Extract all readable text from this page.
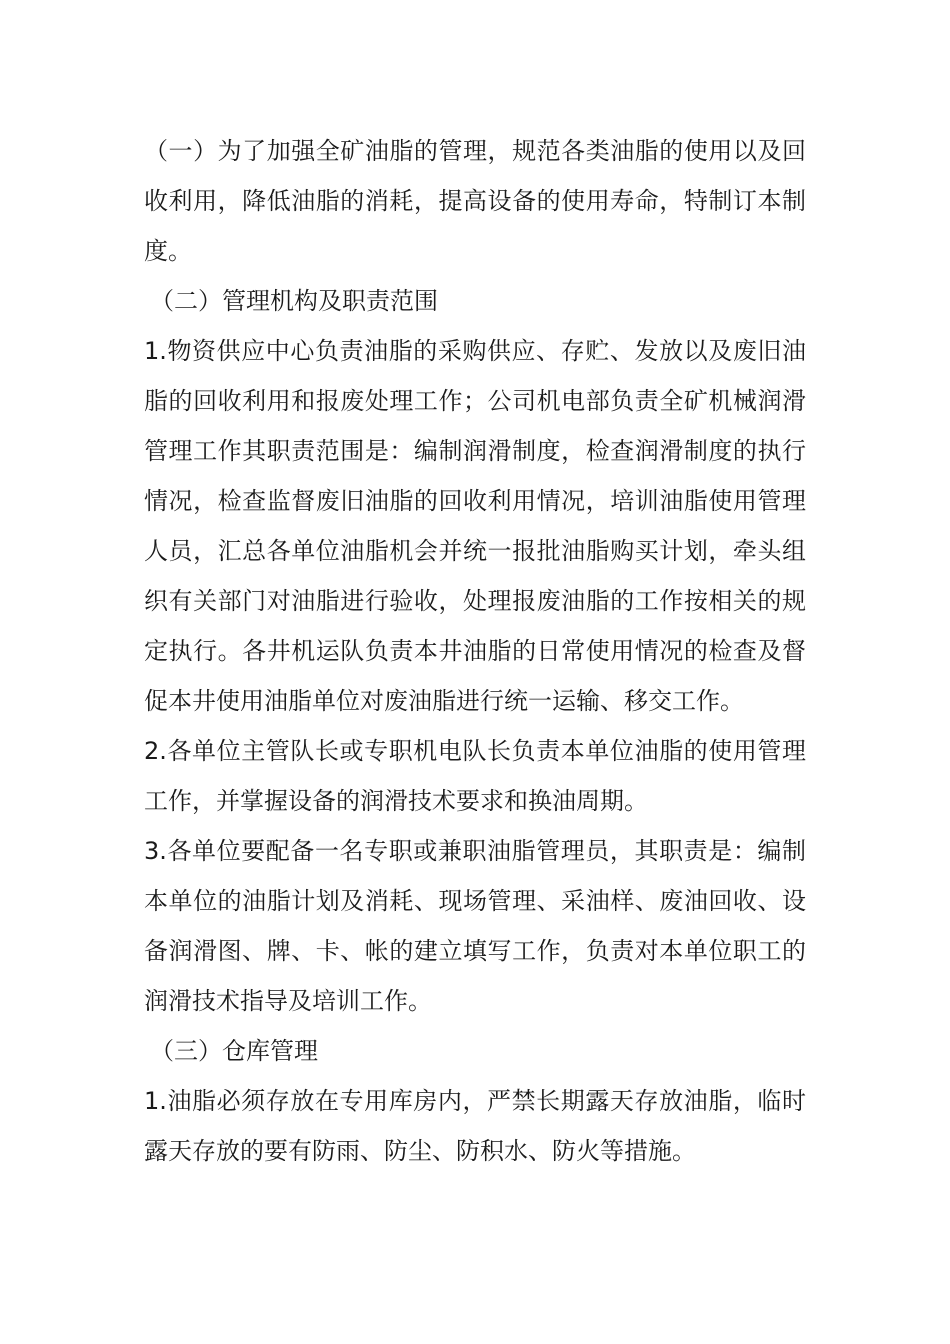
（一）为了加强全矿油脂的管理，规范各类油脂的使用以及回收利用，降低油脂的消耗，提高设备的使用寿命，特制订本制度。

（二）管理机构及职责范围

1.物资供应中心负责油脂的采购供应、存贮、发放以及废旧油脂的回收利用和报废处理工作；公司机电部负责全矿机械润滑管理工作其职责范围是：编制润滑制度，检查润滑制度的执行情况，检查监督废旧油脂的回收利用情况，培训油脂使用管理人员，汇总各单位油脂机会并统一报批油脂购买计划，牵头组织有关部门对油脂进行验收，处理报废油脂的工作按相关的规定执行。各井机运队负责本井油脂的日常使用情况的检查及督促本井使用油脂单位对废油脂进行统一运输、移交工作。

2.各单位主管队长或专职机电队长负责本单位油脂的使用管理工作，并掌握设备的润滑技术要求和换油周期。

3.各单位要配备一名专职或兼职油脂管理员，其职责是：编制本单位的油脂计划及消耗、现场管理、采油样、废油回收、设备润滑图、牌、卡、帐的建立填写工作，负责对本单位职工的润滑技术指导及培训工作。

（三）仓库管理

1.油脂必须存放在专用库房内，严禁长期露天存放油脂，临时露天存放的要有防雨、防尘、防积水、防火等措施。
